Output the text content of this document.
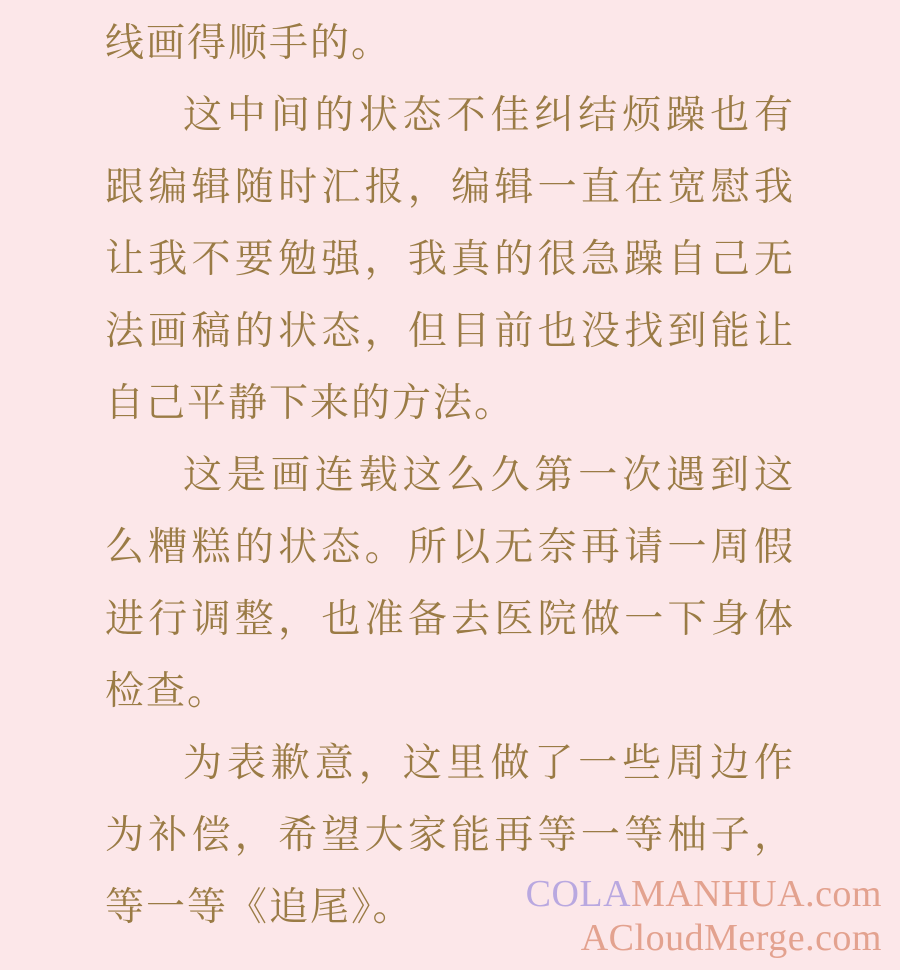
线画得顺手的。

这中间的状态不佳纠结烦躁也有跟编辑随时汇报，编辑一直在宽慰我让我不要勉强，我真的很急躁自己无法画稿的状态，但目前也没找到能让自己平静下来的方法。

这是画连载这么久第一次遇到这么糟糕的状态。所以无奈再请一周假进行调整，也准备去医院做一下身体检查。

为表歉意，这里做了一些周边作为补偿，希望大家能再等一等柚子，等一等《追尾》。	COLAMANHUA.com
ACloudMerge.com
